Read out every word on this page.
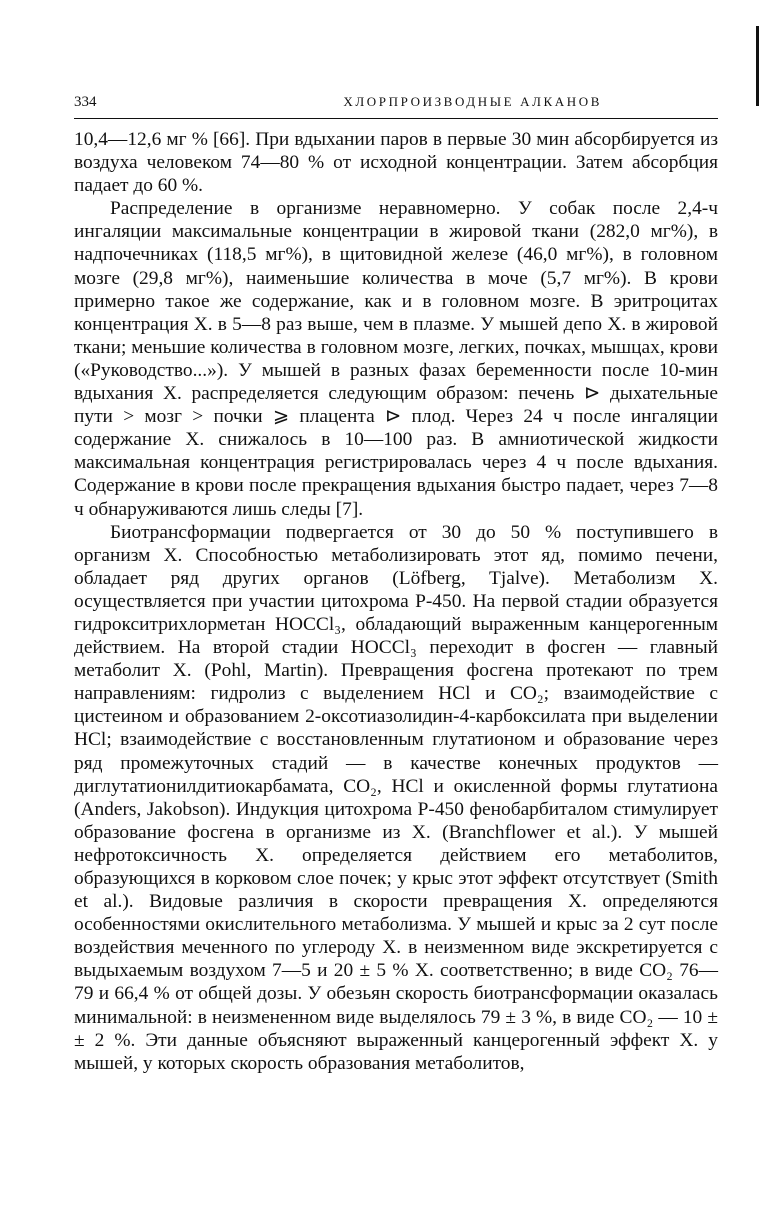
334	ХЛОРПРОИЗВОДНЫЕ АЛКАНОВ

10,4—12,6 мг % [66]. При вдыхании паров в первые 30 мин абсорбируется из воздуха человеком 74—80 % от исходной концентрации. Затем абсорбция падает до 60 %.

Распределение в организме неравномерно. У собак после 2,4-ч ингаляции максимальные концентрации в жировой ткани (282,0 мг%), в надпочечниках (118,5 мг%), в щитовидной железе (46,0 мг%), в головном мозге (29,8 мг%), наименьшие количества в моче (5,7 мг%). В крови примерно такое же содержание, как и в головном мозге. В эритроцитах концентрация X. в 5—8 раз выше, чем в плазме. У мышей депо X. в жировой ткани; меньшие количества в головном мозге, легких, почках, мышцах, крови («Руководство...»). У мышей в разных фазах беременности после 10-мин вдыхания X. распределяется следующим образом: печень ⊳ дыхательные пути > мозг > почки ⩾ плацента ⊳ плод. Через 24 ч после ингаляции содержание X. снижалось в 10—100 раз. В амниотической жидкости максимальная концентрация регистрировалась через 4 ч после вдыхания. Содержание в крови после прекращения вдыхания быстро падает, через 7—8 ч обнаруживаются лишь следы [7].

Биотрансформации подвергается от 30 до 50 % поступившего в организм X. Способностью метаболизировать этот яд, помимо печени, обладает ряд других органов (Löfberg, Tjalve). Метаболизм X. осуществляется при участии цитохрома P-450. На первой стадии образуется гидрокситрихлорметан HOCCl₃, обладающий выраженным канцерогенным действием. На второй стадии HOCCl₃ переходит в фосген — главный метаболит X. (Pohl, Martin). Превращения фосгена протекают по трем направлениям: гидролиз с выделением HCl и CO₂; взаимодействие с цистеином и образованием 2-оксотиазолидин-4-карбоксилата при выделении HCl; взаимодействие с восстановленным глутатионом и образование через ряд промежуточных стадий — в качестве конечных продуктов — диглутатионилдитиокарбамата, CO₂, HCl и окисленной формы глутатиона (Anders, Jakobson). Индукция цитохрома P-450 фенобарбиталом стимулирует образование фосгена в организме из X. (Branchflower et al.). У мышей нефротоксичность X. определяется действием его метаболитов, образующихся в корковом слое почек; у крыс этот эффект отсутствует (Smith et al.). Видовые различия в скорости превращения X. определяются особенностями окислительного метаболизма. У мышей и крыс за 2 сут после воздействия меченного по углероду X. в неизменном виде экскретируется с выдыхаемым воздухом 7—5 и 20 ± 5 % X. соответственно; в виде CO₂ 76—79 и 66,4 % от общей дозы. У обезьян скорость биотрансформации оказалась минимальной: в неизмененном виде выделялось 79 ± 3 %, в виде CO₂ — 10 ± ± 2 %. Эти данные объясняют выраженный канцерогенный эффект X. у мышей, у которых скорость образования метаболитов,
